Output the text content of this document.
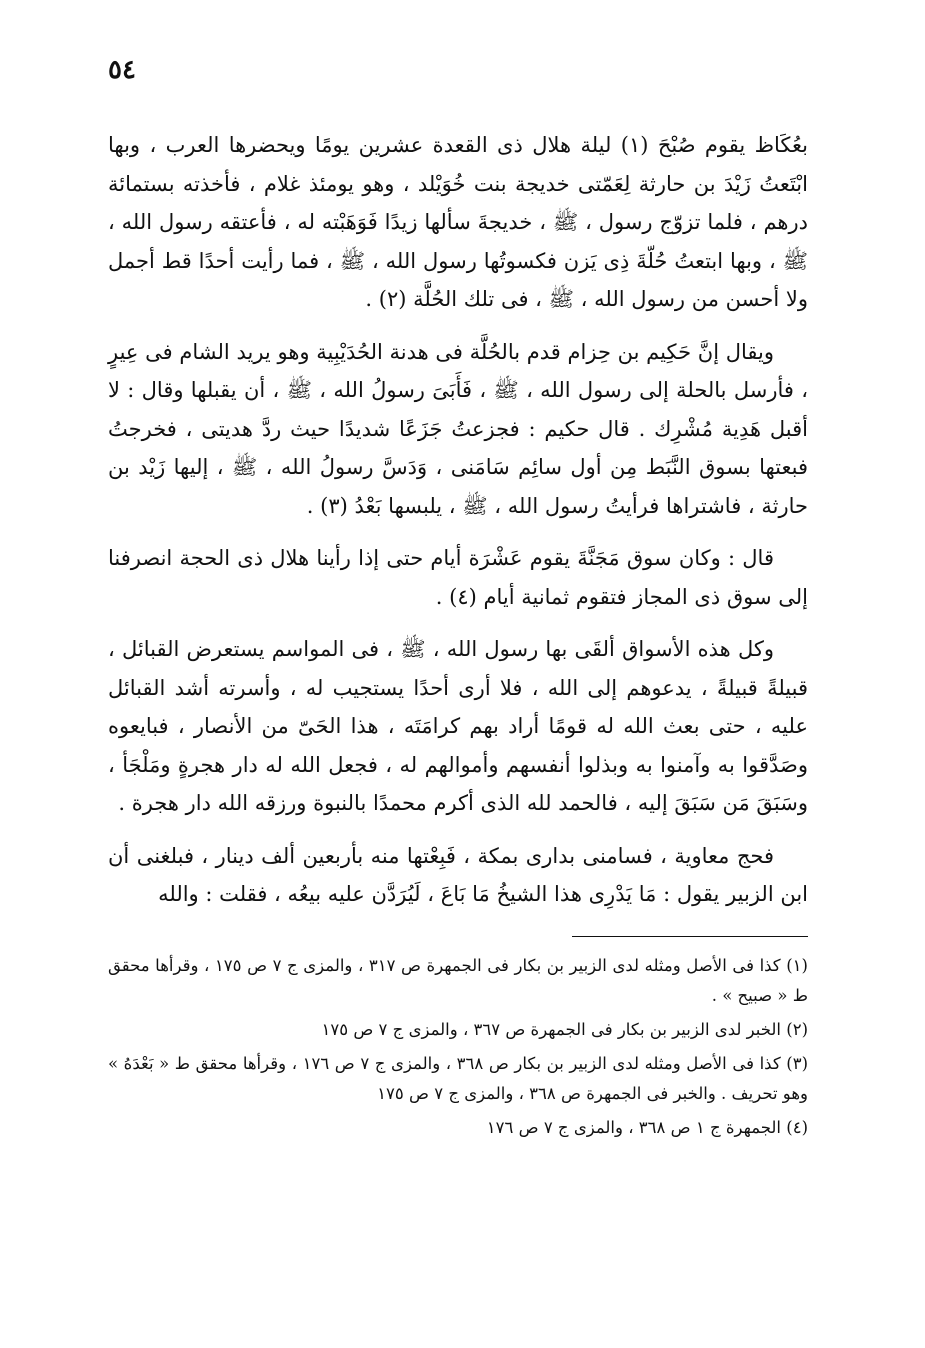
٥٤

بعُكَاظ يقوم صُبْحَ (١) ليلة هلال ذى القعدة عشرين يومًا ويحضرها العرب ، وبها ابْتَعتُ زَيْدَ بن حارثة لِعَمّتى خديجة بنت خُوَيْلد ، وهو يومئذ غلام ، فأخذته بستمائة درهم ، فلما تزوّج رسول ، ﷺ ، خديجةَ سألها زيدًا فَوَهَبْته له ، فأعتقه رسول الله ، ﷺ ، وبها ابتعتُ حُلّةَ ذِى يَزن فكسوتُها رسول الله ، ﷺ ، فما رأيت أحدًا قط أجمل ولا أحسن من رسول الله ، ﷺ ، فى تلك الحُلَّة (٢) .

ويقال إنَّ حَكِيم بن حِزام قدم بالحُلَّة فى هدنة الحُدَيْبِية وهو يريد الشام فى عِيرٍ ، فأرسل بالحلة إلى رسول الله ، ﷺ ، فَأَبَىَ رسولُ الله ، ﷺ ، أن يقبلها وقال : لا أقبل هَدِية مُشْرِك . قال حكيم : فجزعتُ جَزَعًا شديدًا حيث ردَّ هديتى ، فخرجتُ فبعتها بسوق النَّبَط مِن أول سائِم سَامَنى ، وَدَسَّ رسولُ الله ، ﷺ ، إليها زَيْد بن حارثة ، فاشتراها فرأيتُ رسول الله ، ﷺ ، يلبسها بَعْدُ (٣) .

قال : وكان سوق مَجَنَّةَ يقوم عَشْرَة أيام حتى إذا رأينا هلال ذى الحجة انصرفنا إلى سوق ذى المجاز فتقوم ثمانية أيام (٤) .

وكل هذه الأسواق ألقَى بها رسول الله ، ﷺ ، فى المواسم يستعرض القبائل ، قبيلةً قبيلةً ، يدعوهم إلى الله ، فلا أرى أحدًا يستجيب له ، وأسرته أشد القبائل عليه ، حتى بعث الله له قومًا أراد بهم كرامَتَه ، هذا الحَىّ من الأنصار ، فبايعوه وصَدَّقوا به وآمنوا به وبذلوا أنفسهم وأموالهم له ، فجعل الله له دار هجرةٍ ومَلْجَأ ، وسَبَقَ مَن سَبَقَ إليه ، فالحمد لله الذى أكرم محمدًا بالنبوة ورزقه الله دار هجرة .

فحج معاوية ، فسامنى بدارى بمكة ، فَبِعْتها منه بأربعين ألف دينار ، فبلغنى أن ابن الزبير يقول : مَا يَدْرِى هذا الشيخُ مَا بَاعَ ، لَيُرَدَّن عليه بيعُه ، فقلت : والله

(١) كذا فى الأصل ومثله لدى الزبير بن بكار فى الجمهرة ص ٣١٧ ، والمزى ج ٧ ص ١٧٥ ، وقرأها محقق ط « صبيح » .

(٢) الخبر لدى الزبير بن بكار فى الجمهرة ص ٣٦٧ ، والمزى ج ٧ ص ١٧٥

(٣) كذا فى الأصل ومثله لدى الزبير بن بكار ص ٣٦٨ ، والمزى ج ٧ ص ١٧٦ ، وقرأها محقق ط « بَعْدَهُ » وهو تحريف . والخبر فى الجمهرة ص ٣٦٨ ، والمزى ج ٧ ص ١٧٥

(٤) الجمهرة ج ١ ص ٣٦٨ ، والمزى ج ٧ ص ١٧٦
